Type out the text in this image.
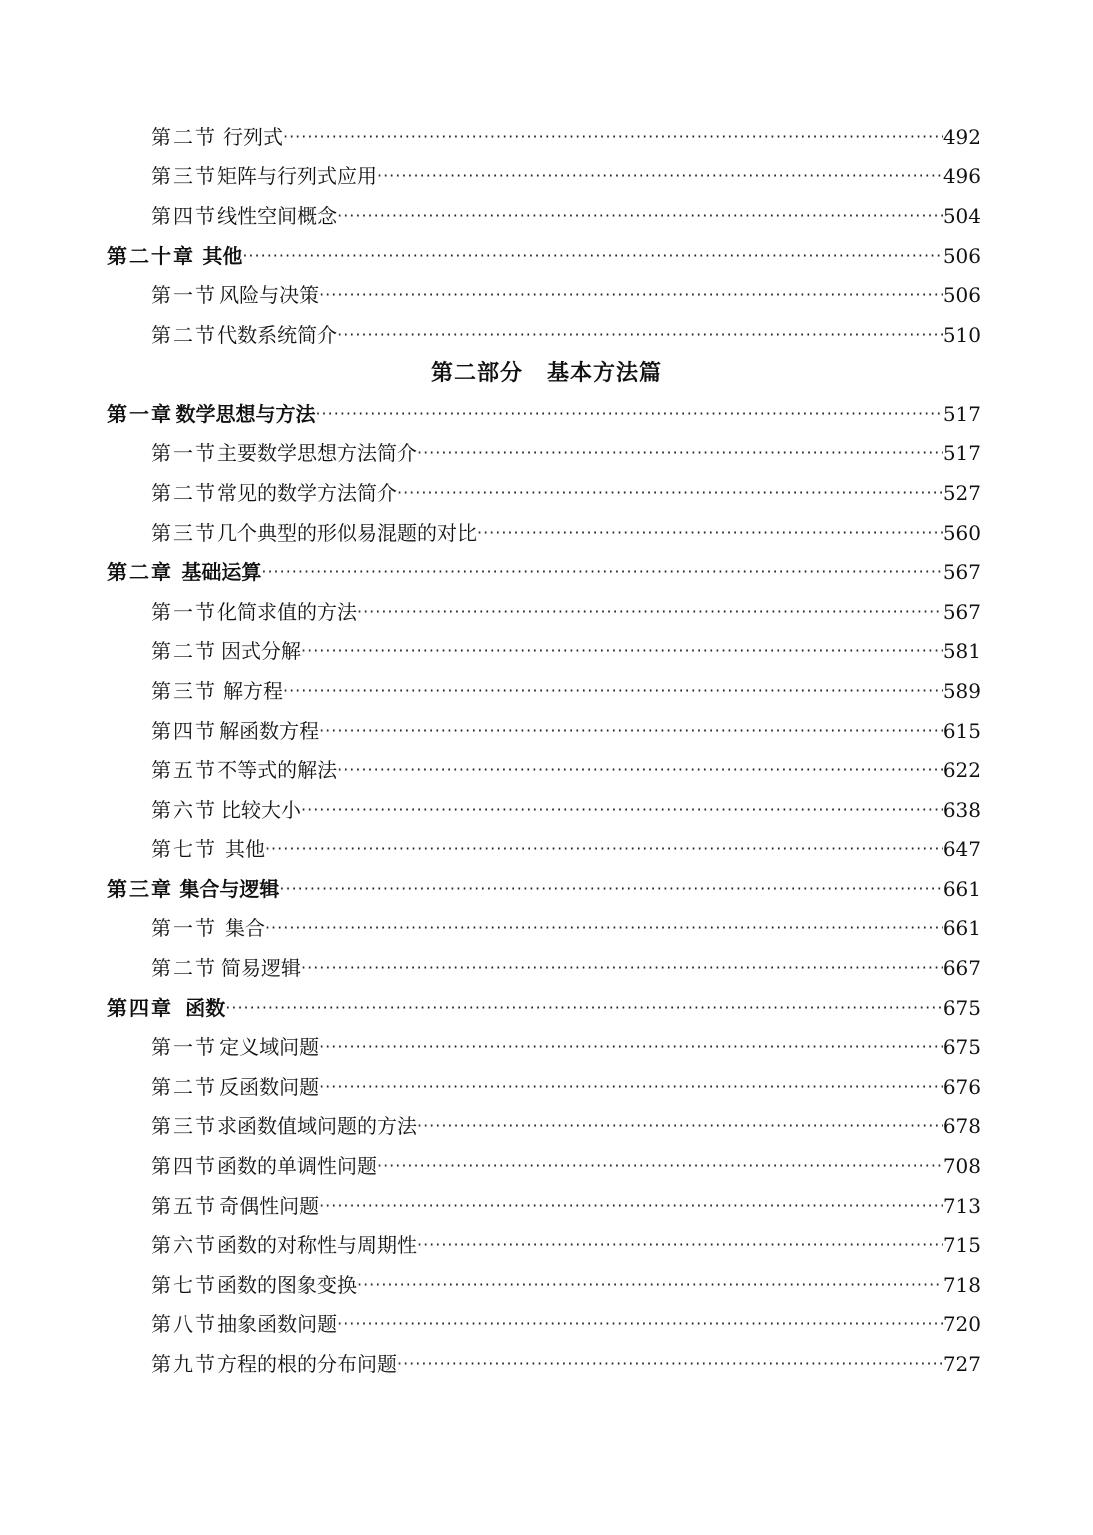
第二节 行列式 ·····	492
第三节 矩阵与行列式应用 ·····	496
第四节 线性空间概念 ·····	504
第二十章 其他 ·····	506
第一节 风险与决策 ·····	506
第二节 代数系统简介 ·····	510
第二部分 基本方法篇
第一章 数学思想与方法 ·····	517
第一节 主要数学思想方法简介 ·····	517
第二节 常见的数学方法简介 ·····	527
第三节 几个典型的形似易混题的对比 ·····	560
第二章 基础运算 ·····	567
第一节 化简求值的方法 ·····	567
第二节 因式分解 ·····	581
第三节 解方程 ·····	589
第四节 解函数方程 ·····	615
第五节 不等式的解法 ·····	622
第六节 比较大小 ·····	638
第七节 其他 ·····	647
第三章 集合与逻辑 ·····	661
第一节 集合 ·····	661
第二节 简易逻辑 ·····	667
第四章 函数 ·····	675
第一节 定义域问题 ·····	675
第二节 反函数问题 ·····	676
第三节 求函数值域问题的方法 ·····	678
第四节 函数的单调性问题 ·····	708
第五节 奇偶性问题 ·····	713
第六节 函数的对称性与周期性 ·····	715
第七节 函数的图象变换 ·····	718
第八节 抽象函数问题 ·····	720
第九节 方程的根的分布问题 ·····	727
